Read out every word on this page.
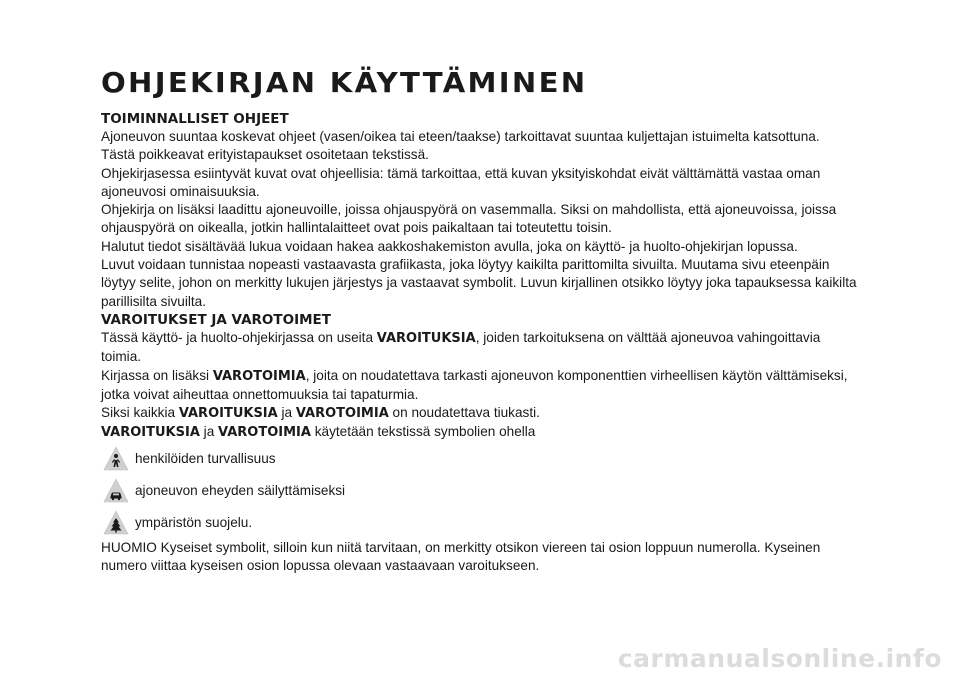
OHJEKIRJAN KÄYTTÄMINEN
TOIMINNALLISET OHJEET

Ajoneuvon suuntaa koskevat ohjeet (vasen/oikea tai eteen/taakse) tarkoittavat suuntaa kuljettajan istuimelta katsottuna.

Tästä poikkeavat erityistapaukset osoitetaan tekstissä.

Ohjekirjasessa esiintyvät kuvat ovat ohjeellisia: tämä tarkoittaa, että kuvan yksityiskohdat eivät välttämättä vastaa oman ajoneuvosi ominaisuuksia.

Ohjekirja on lisäksi laadittu ajoneuvoille, joissa ohjauspyörä on vasemmalla. Siksi on mahdollista, että ajoneuvoissa, joissa ohjauspyörä on oikealla, jotkin hallintalaitteet ovat pois paikaltaan tai toteutettu toisin.

Halutut tiedot sisältävää lukua voidaan hakea aakkoshakemiston avulla, joka on käyttö- ja huolto-ohjekirjan lopussa.

Luvut voidaan tunnistaa nopeasti vastaavasta grafiikasta, joka löytyy kaikilta parittomilta sivuilta. Muutama sivu eteenpäin löytyy selite, johon on merkitty lukujen järjestys ja vastaavat symbolit. Luvun kirjallinen otsikko löytyy joka tapauksessa kaikilta parillisilta sivuilta.

VAROITUKSET JA VAROTOIMET

Tässä käyttö- ja huolto-ohjekirjassa on useita VAROITUKSIA, joiden tarkoituksena on välttää ajoneuvoa vahingoittavia toimia.

Kirjassa on lisäksi VAROTOIMIA, joita on noudatettava tarkasti ajoneuvon komponenttien virheellisen käytön välttämiseksi, jotka voivat aiheuttaa onnettomuuksia tai tapaturmia.

Siksi kaikkia VAROITUKSIA ja VAROTOIMIA on noudatettava tiukasti.

VAROITUKSIA ja VAROTOIMIA käytetään tekstissä symbolien ohella

henkilöiden turvallisuus

ajoneuvon eheyden säilyttämiseksi

ympäristön suojelu.

HUOMIO Kyseiset symbolit, silloin kun niitä tarvitaan, on merkitty otsikon viereen tai osion loppuun numerolla. Kyseinen numero viittaa kyseisen osion lopussa olevaan vastaavaan varoitukseen.

carmanualsonline.info
